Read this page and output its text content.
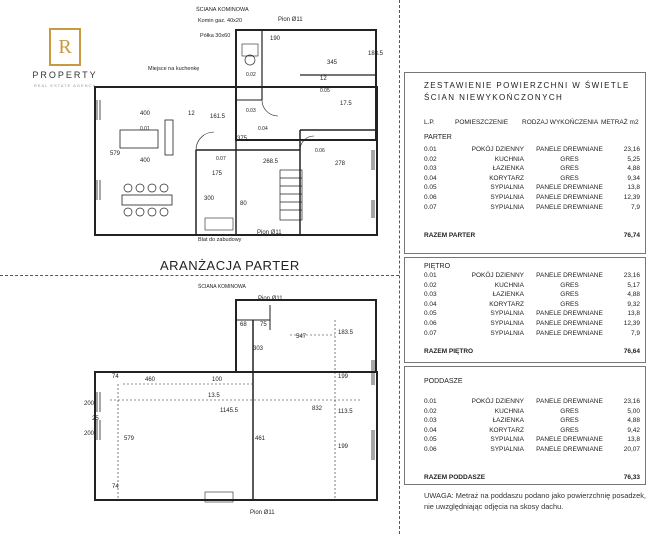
R
PROPERTY
REAL ESTATE AGENCY
ŚCIANA KOMINOWA
Komin gaz. 40x20	Pion Ø11
Półka 30x60
Miejsce na kuchenkę
Blat do zabudowy
Pion Ø11
400
400
579
161.5
375
268.5
190
345
183.5
278
175
300
12
12
17.5
0.01
0.02
0.03
0.04
0.05
0.06
0.07
80
ŚCIANA KOMINOWA
Pion Ø11
Pion Ø11
68 75
547
183.5
303
460	100
13.5
1145.5
579	461
832
199
113.5
199
200
200
25
74
74
ARANŻACJA PARTER
ZESTAWIENIE POWIERZCHNI W ŚWIETLE ŚCIAN NIEWYKOŃCZONYCH
L.P.	POMIESZCZENIE RODZAJ WYKOŃCZENIA METRAŻ m2
PARTER
0.01	POKÓJ DZIENNY	PANELE DREWNIANE	23,16
0.02	KUCHNIA	GRES	5,25
0.03	ŁAZIENKA	GRES	4,88
0.04	KORYTARZ	GRES	9,34
0.05	SYPIALNIA	PANELE DREWNIANE	13,8
0.06	SYPIALNIA	PANELE DREWNIANE	12,39
0.07	SYPIALNIA	PANELE DREWNIANE	7,9
RAZEM PARTER	76,74
PIĘTRO
0.01	POKÓJ DZIENNY	PANELE DREWNIANE	23,16
0.02	KUCHNIA	GRES	5,17
0.03	ŁAZIENKA	GRES	4,88
0.04	KORYTARZ	GRES	9,32
0.05	SYPIALNIA	PANELE DREWNIANE	13,8
0.06	SYPIALNIA	PANELE DREWNIANE	12,39
0.07	SYPIALNIA	PANELE DREWNIANE	7,9
RAZEM PIĘTRO	76,64
PODDASZE
0.01	POKÓJ DZIENNY	PANELE DREWNIANE	23,16
0.02	KUCHNIA	GRES	5,00
0.03	ŁAZIENKA	GRES	4,88
0.04	KORYTARZ	GRES	9,42
0.05	SYPIALNIA	PANELE DREWNIANE	13,8
0.06	SYPIALNIA	PANELE DREWNIANE	20,07
RAZEM PODDASZE	76,33
UWAGA: Metraż na poddaszu podano jako powierzchnię posadzek, nie uwzględniając odjęcia na skosy dachu.
